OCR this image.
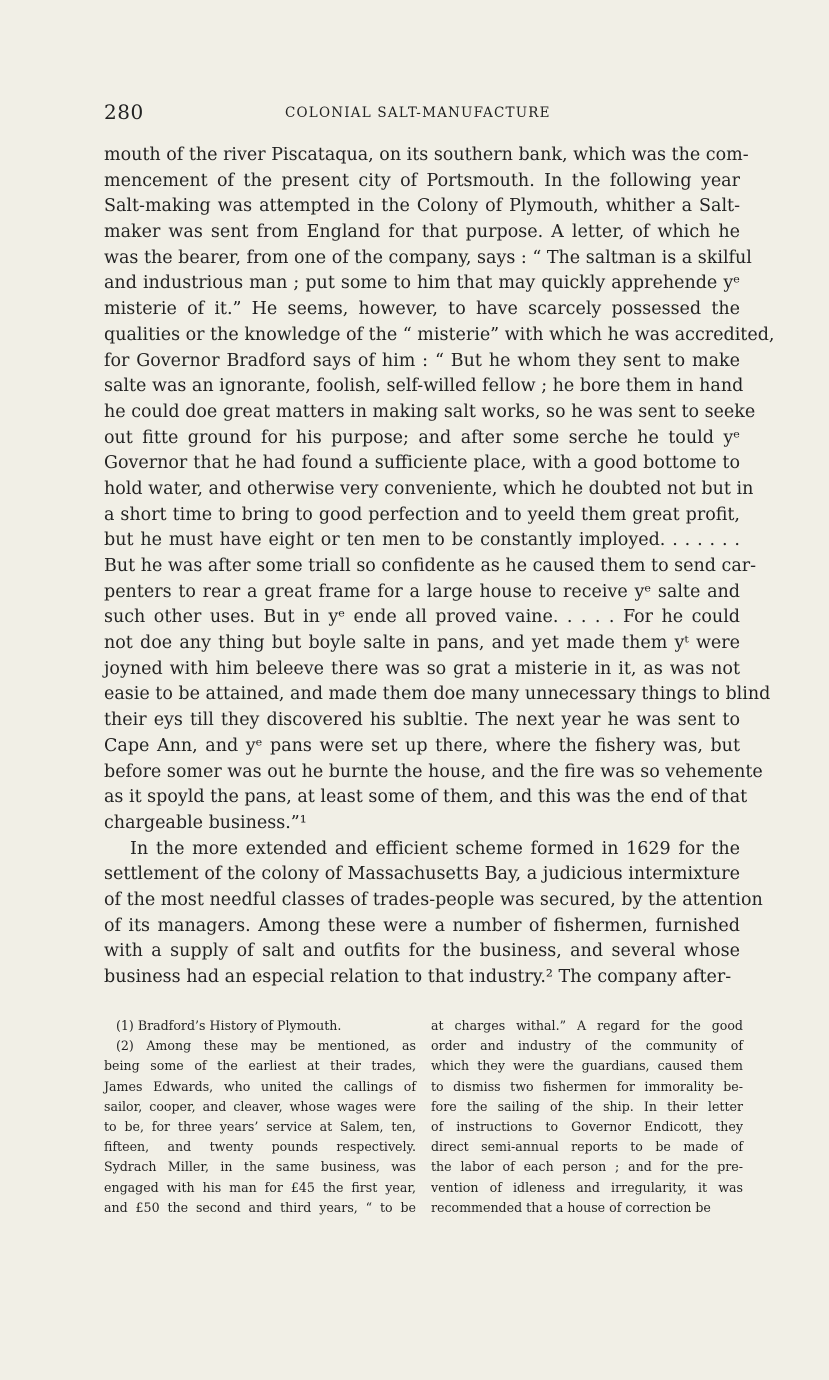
280	COLONIAL SALT-MANUFACTURE
mouth of the river Piscataqua, on its southern bank, which was the com-
mencement of the present city of Portsmouth. In the following year
Salt-making was attempted in the Colony of Plymouth, whither a Salt-
maker was sent from England for that purpose. A letter, of which he
was the bearer, from one of the company, says : “ The saltman is a skilful
and industrious man ; put some to him that may quickly apprehende yᵉ
misterie of it.” He seems, however, to have scarcely possessed the
qualities or the knowledge of the “ misterie” with which he was accredited,
for Governor Bradford says of him : “ But he whom they sent to make
salte was an ignorante, foolish, self-willed fellow ; he bore them in hand
he could doe great matters in making salt works, so he was sent to seeke
out fitte ground for his purpose; and after some serche he tould yᵉ
Governor that he had found a sufficiente place, with a good bottome to
hold water, and otherwise very conveniente, which he doubted not but in
a short time to bring to good perfection and to yeeld them great profit,
but he must have eight or ten men to be constantly imployed. . . . . . .
But he was after some triall so confidente as he caused them to send car-
penters to rear a great frame for a large house to receive yᵉ salte and
such other uses. But in yᵉ ende all proved vaine. . . . . For he could
not doe any thing but boyle salte in pans, and yet made them yᵗ were
joyned with him beleeve there was so grat a misterie in it, as was not
easie to be attained, and made them doe many unnecessary things to blind
their eys till they discovered his subltie. The next year he was sent to
Cape Ann, and yᵉ pans were set up there, where the fishery was, but
before somer was out he burnte the house, and the fire was so vehemente
as it spoyld the pans, at least some of them, and this was the end of that
chargeable business.”¹
In the more extended and efficient scheme formed in 1629 for the
settlement of the colony of Massachusetts Bay, a judicious intermixture
of the most needful classes of trades-people was secured, by the attention
of its managers. Among these were a number of fishermen, furnished
with a supply of salt and outfits for the business, and several whose
business had an especial relation to that industry.² The company after-
(1) Bradford’s History of Plymouth.
(2) Among these may be mentioned, as
being some of the earliest at their trades,
James Edwards, who united the callings of
sailor, cooper, and cleaver, whose wages were
to be, for three years’ service at Salem, ten,
fifteen, and twenty pounds respectively.
Sydrach Miller, in the same business, was
engaged with his man for £45 the first year,
and £50 the second and third years, “ to be
at charges withal.” A regard for the good
order and industry of the community of
which they were the guardians, caused them
to dismiss two fishermen for immorality be-
fore the sailing of the ship. In their letter
of instructions to Governor Endicott, they
direct semi-annual reports to be made of
the labor of each person ; and for the pre-
vention of idleness and irregularity, it was
recommended that a house of correction be
